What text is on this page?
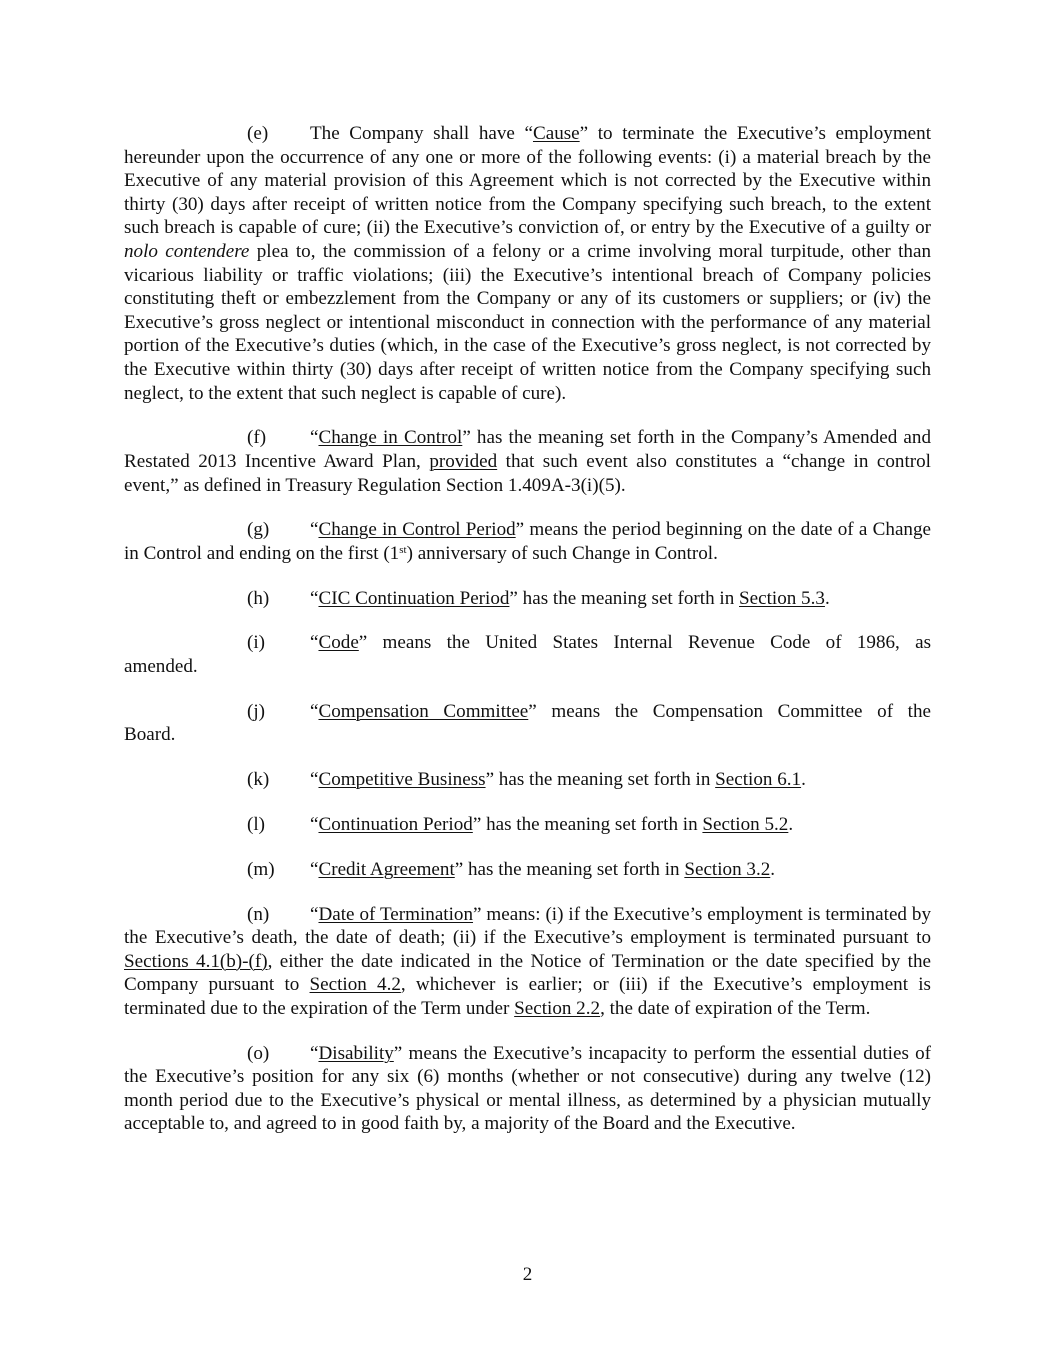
(e) The Company shall have “Cause” to terminate the Executive’s employment hereunder upon the occurrence of any one or more of the following events: (i) a material breach by the Executive of any material provision of this Agreement which is not corrected by the Executive within thirty (30) days after receipt of written notice from the Company specifying such breach, to the extent such breach is capable of cure; (ii) the Executive’s conviction of, or entry by the Executive of a guilty or nolo contendere plea to, the commission of a felony or a crime involving moral turpitude, other than vicarious liability or traffic violations; (iii) the Executive’s intentional breach of Company policies constituting theft or embezzlement from the Company or any of its customers or suppliers; or (iv) the Executive’s gross neglect or intentional misconduct in connection with the performance of any material portion of the Executive’s duties (which, in the case of the Executive’s gross neglect, is not corrected by the Executive within thirty (30) days after receipt of written notice from the Company specifying such neglect, to the extent that such neglect is capable of cure).

(f) “Change in Control” has the meaning set forth in the Company’s Amended and Restated 2013 Incentive Award Plan, provided that such event also constitutes a “change in control event,” as defined in Treasury Regulation Section 1.409A-3(i)(5).

(g) “Change in Control Period” means the period beginning on the date of a Change in Control and ending on the first (1st) anniversary of such Change in Control.

(h) “CIC Continuation Period” has the meaning set forth in Section 5.3.

(i) “Code” means the United States Internal Revenue Code of 1986, as amended.

(j) “Compensation Committee” means the Compensation Committee of the Board.

(k) “Competitive Business” has the meaning set forth in Section 6.1.

(l) “Continuation Period” has the meaning set forth in Section 5.2.

(m) “Credit Agreement” has the meaning set forth in Section 3.2.

(n) “Date of Termination” means: (i) if the Executive’s employment is terminated by the Executive’s death, the date of death; (ii) if the Executive’s employment is terminated pursuant to Sections 4.1(b)-(f), either the date indicated in the Notice of Termination or the date specified by the Company pursuant to Section 4.2, whichever is earlier; or (iii) if the Executive’s employment is terminated due to the expiration of the Term under Section 2.2, the date of expiration of the Term.

(o) “Disability” means the Executive’s incapacity to perform the essential duties of the Executive’s position for any six (6) months (whether or not consecutive) during any twelve (12) month period due to the Executive’s physical or mental illness, as determined by a physician mutually acceptable to, and agreed to in good faith by, a majority of the Board and the Executive.

2
